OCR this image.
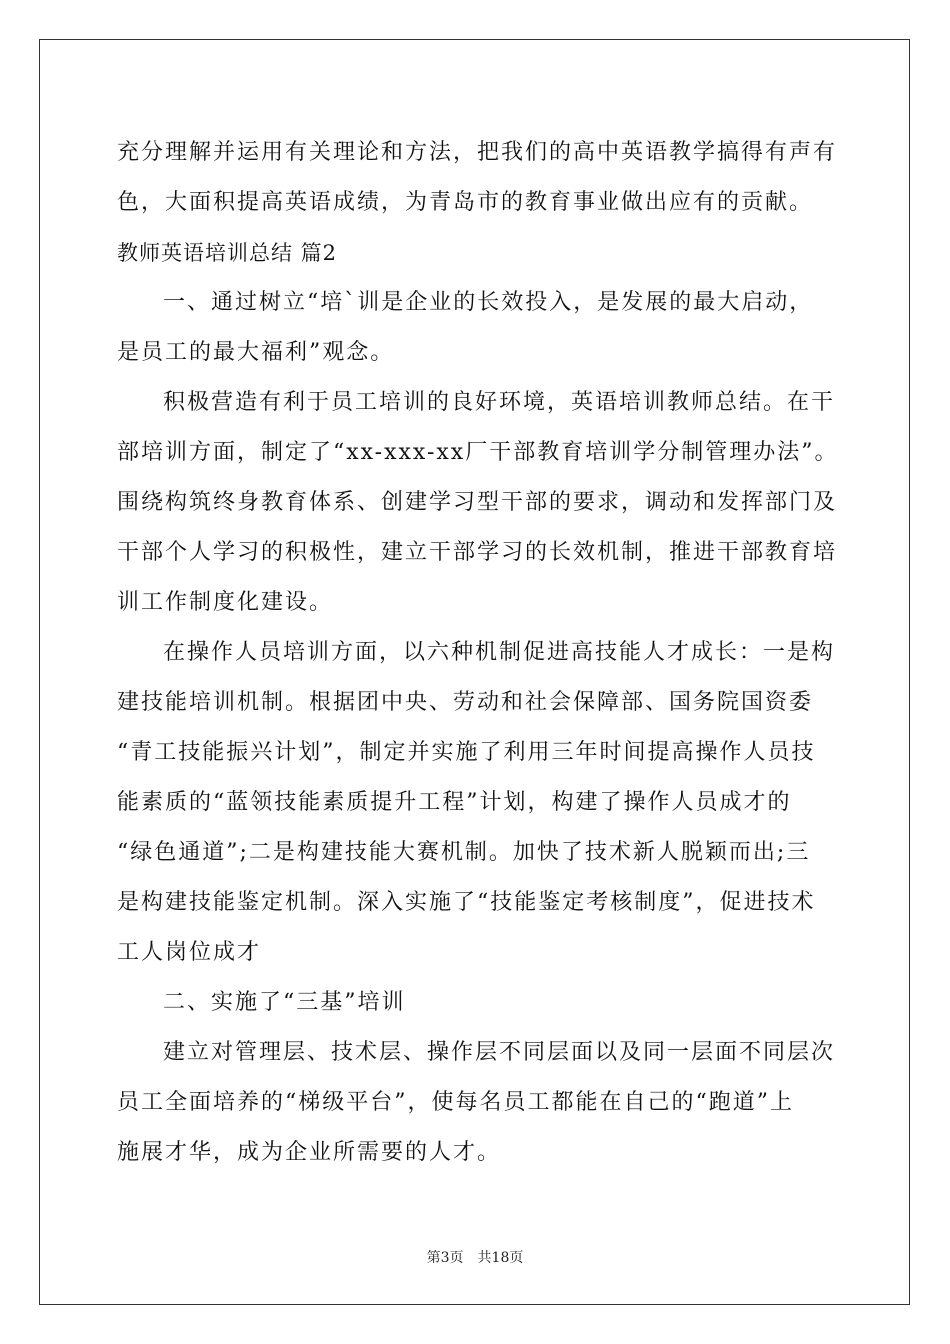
充分理解并运用有关理论和方法，把我们的高中英语教学搞得有声有
色，大面积提高英语成绩，为青岛市的教育事业做出应有的贡献。
教师英语培训总结 篇2
一、通过树立“培`训是企业的长效投入，是发展的最大启动，
是员工的最大福利”观念。
积极营造有利于员工培训的良好环境，英语培训教师总结。在干
部培训方面，制定了“xx-xxx-xx厂干部教育培训学分制管理办法”。
围绕构筑终身教育体系、创建学习型干部的要求，调动和发挥部门及
干部个人学习的积极性，建立干部学习的长效机制，推进干部教育培
训工作制度化建设。
在操作人员培训方面，以六种机制促进高技能人才成长：一是构
建技能培训机制。根据团中央、劳动和社会保障部、国务院国资委
“青工技能振兴计划”，制定并实施了利用三年时间提高操作人员技
能素质的“蓝领技能素质提升工程”计划，构建了操作人员成才的
“绿色通道”;二是构建技能大赛机制。加快了技术新人脱颖而出;三
是构建技能鉴定机制。深入实施了“技能鉴定考核制度”，促进技术
工人岗位成才
二、实施了“三基”培训
建立对管理层、技术层、操作层不同层面以及同一层面不同层次
员工全面培养的“梯级平台”，使每名员工都能在自己的“跑道”上
施展才华，成为企业所需要的人才。
第3页　共18页
